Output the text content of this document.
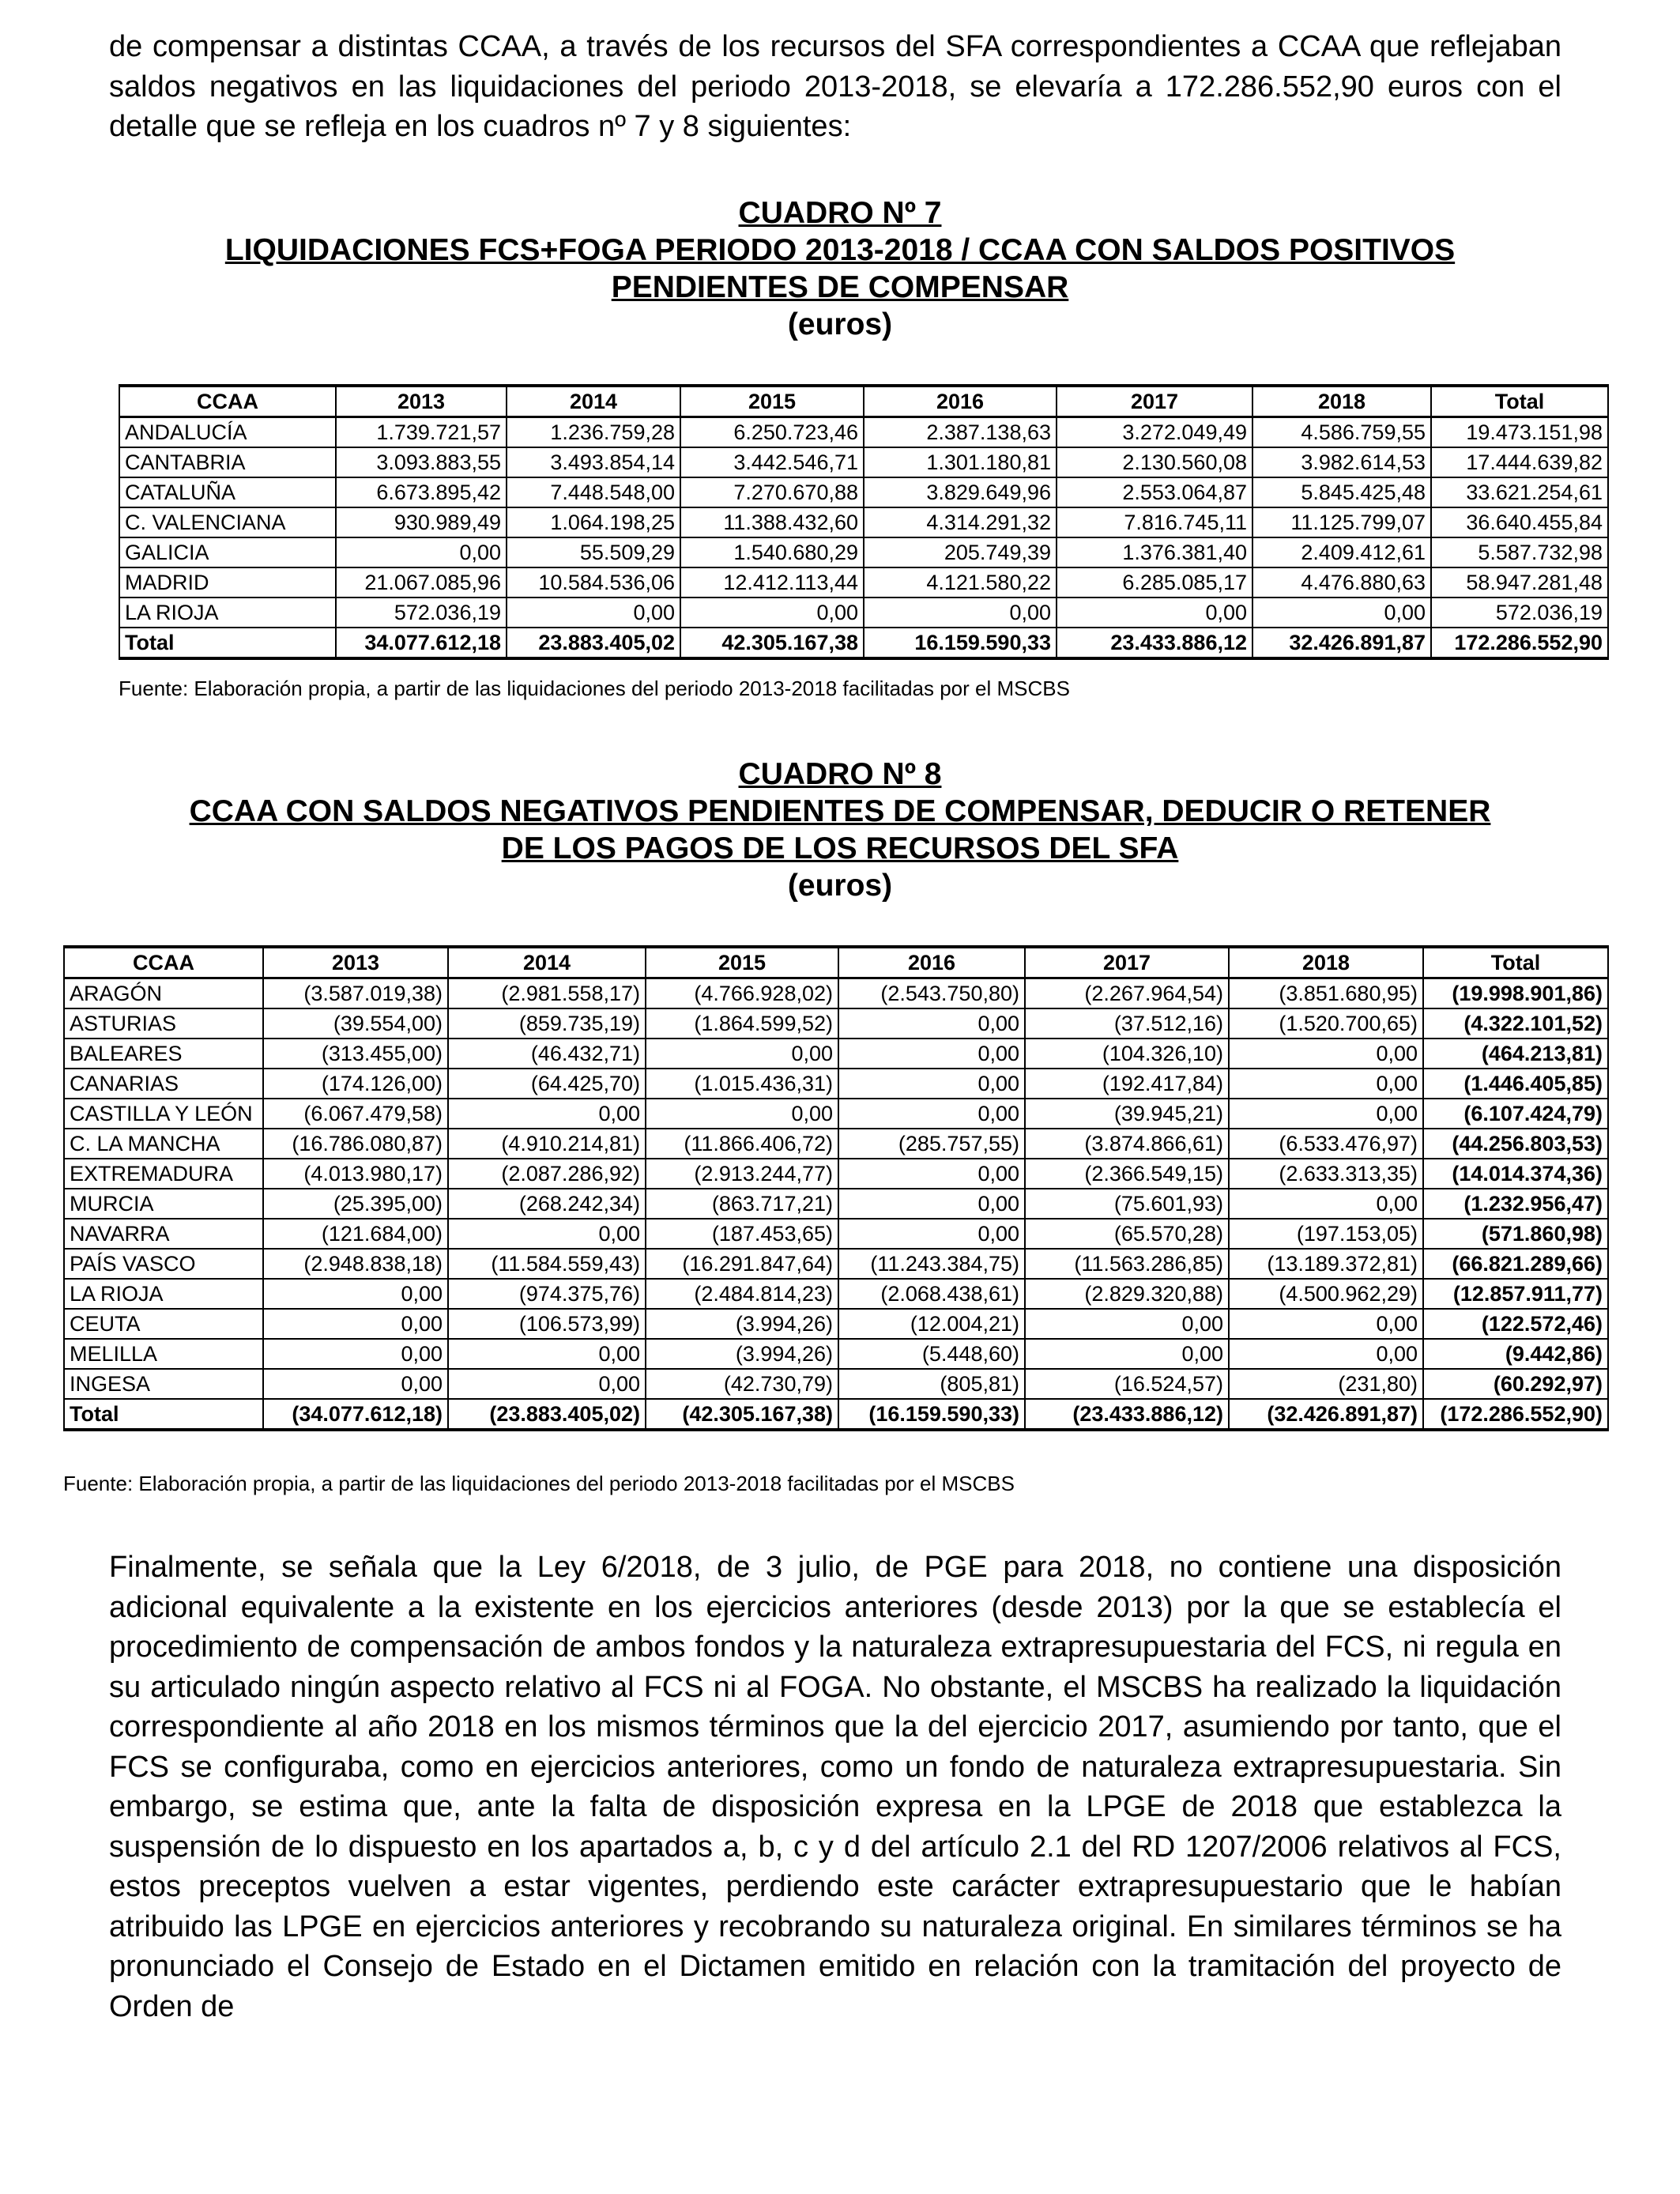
de compensar a distintas CCAA, a través de los recursos del SFA correspondientes a CCAA que reflejaban saldos negativos en las liquidaciones del periodo 2013-2018, se elevaría a 172.286.552,90 euros con el detalle que se refleja en los cuadros nº 7 y 8 siguientes:

CUADRO Nº 7
LIQUIDACIONES FCS+FOGA PERIODO 2013-2018 / CCAA CON SALDOS POSITIVOS
PENDIENTES DE COMPENSAR
(euros)
CCAA	2013	2014	2015	2016	2017	2018	Total
ANDALUCÍA	1.739.721,57	1.236.759,28	6.250.723,46	2.387.138,63	3.272.049,49	4.586.759,55	19.473.151,98
CANTABRIA	3.093.883,55	3.493.854,14	3.442.546,71	1.301.180,81	2.130.560,08	3.982.614,53	17.444.639,82
CATALUÑA	6.673.895,42	7.448.548,00	7.270.670,88	3.829.649,96	2.553.064,87	5.845.425,48	33.621.254,61
C. VALENCIANA	930.989,49	1.064.198,25	11.388.432,60	4.314.291,32	7.816.745,11	11.125.799,07	36.640.455,84
GALICIA	0,00	55.509,29	1.540.680,29	205.749,39	1.376.381,40	2.409.412,61	5.587.732,98
MADRID	21.067.085,96	10.584.536,06	12.412.113,44	4.121.580,22	6.285.085,17	4.476.880,63	58.947.281,48
LA RIOJA	572.036,19	0,00	0,00	0,00	0,00	0,00	572.036,19
Total	34.077.612,18	23.883.405,02	42.305.167,38	16.159.590,33	23.433.886,12	32.426.891,87	172.286.552,90
Fuente: Elaboración propia, a partir de las liquidaciones del periodo 2013-2018 facilitadas por el MSCBS
CUADRO Nº 8
CCAA CON SALDOS NEGATIVOS PENDIENTES DE COMPENSAR, DEDUCIR O RETENER
DE LOS PAGOS DE LOS RECURSOS DEL SFA
(euros)
CCAA	2013	2014	2015	2016	2017	2018	Total
ARAGÓN	(3.587.019,38)	(2.981.558,17)	(4.766.928,02)	(2.543.750,80)	(2.267.964,54)	(3.851.680,95)	(19.998.901,86)
ASTURIAS	(39.554,00)	(859.735,19)	(1.864.599,52)	0,00	(37.512,16)	(1.520.700,65)	(4.322.101,52)
BALEARES	(313.455,00)	(46.432,71)	0,00	0,00	(104.326,10)	0,00	(464.213,81)
CANARIAS	(174.126,00)	(64.425,70)	(1.015.436,31)	0,00	(192.417,84)	0,00	(1.446.405,85)
CASTILLA Y LEÓN	(6.067.479,58)	0,00	0,00	0,00	(39.945,21)	0,00	(6.107.424,79)
C. LA MANCHA	(16.786.080,87)	(4.910.214,81)	(11.866.406,72)	(285.757,55)	(3.874.866,61)	(6.533.476,97)	(44.256.803,53)
EXTREMADURA	(4.013.980,17)	(2.087.286,92)	(2.913.244,77)	0,00	(2.366.549,15)	(2.633.313,35)	(14.014.374,36)
MURCIA	(25.395,00)	(268.242,34)	(863.717,21)	0,00	(75.601,93)	0,00	(1.232.956,47)
NAVARRA	(121.684,00)	0,00	(187.453,65)	0,00	(65.570,28)	(197.153,05)	(571.860,98)
PAÍS VASCO	(2.948.838,18)	(11.584.559,43)	(16.291.847,64)	(11.243.384,75)	(11.563.286,85)	(13.189.372,81)	(66.821.289,66)
LA RIOJA	0,00	(974.375,76)	(2.484.814,23)	(2.068.438,61)	(2.829.320,88)	(4.500.962,29)	(12.857.911,77)
CEUTA	0,00	(106.573,99)	(3.994,26)	(12.004,21)	0,00	0,00	(122.572,46)
MELILLA	0,00	0,00	(3.994,26)	(5.448,60)	0,00	0,00	(9.442,86)
INGESA	0,00	0,00	(42.730,79)	(805,81)	(16.524,57)	(231,80)	(60.292,97)
Total	(34.077.612,18)	(23.883.405,02)	(42.305.167,38)	(16.159.590,33)	(23.433.886,12)	(32.426.891,87)	(172.286.552,90)
Fuente: Elaboración propia, a partir de las liquidaciones del periodo 2013-2018 facilitadas por el MSCBS

Finalmente, se señala que la Ley 6/2018, de 3 julio, de PGE para 2018, no contiene una disposición adicional equivalente a la existente en los ejercicios anteriores (desde 2013) por la que se establecía el procedimiento de compensación de ambos fondos y la naturaleza extrapresupuestaria del FCS, ni regula en su articulado ningún aspecto relativo al FCS ni al FOGA. No obstante, el MSCBS ha realizado la liquidación correspondiente al año 2018 en los mismos términos que la del ejercicio 2017, asumiendo por tanto, que el FCS se configuraba, como en ejercicios anteriores, como un fondo de naturaleza extrapresupuestaria. Sin embargo, se estima que, ante la falta de disposición expresa en la LPGE de 2018 que establezca la suspensión de lo dispuesto en los apartados a, b, c y d del artículo 2.1 del RD 1207/2006 relativos al FCS, estos preceptos vuelven a estar vigentes, perdiendo este carácter extrapresupuestario que le habían atribuido las LPGE en ejercicios anteriores y recobrando su naturaleza original. En similares términos se ha pronunciado el Consejo de Estado en el Dictamen emitido en relación con la tramitación del proyecto de Orden de
